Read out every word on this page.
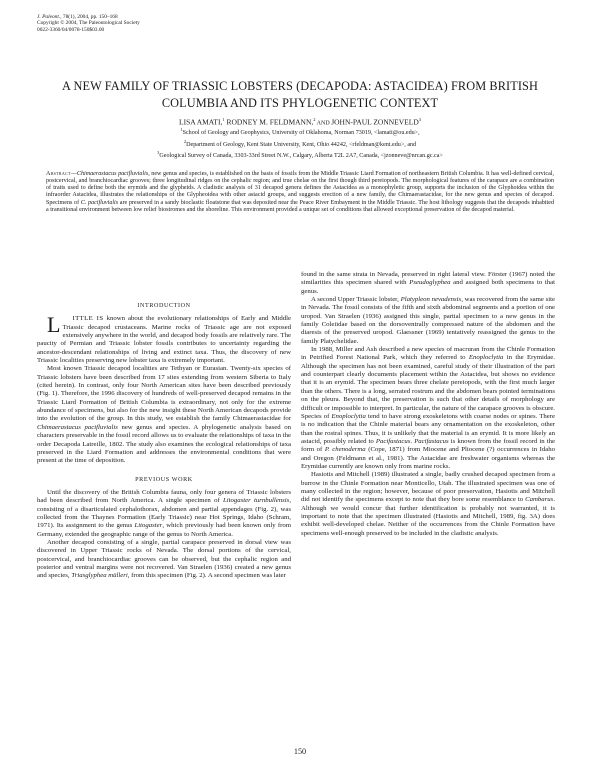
J. Paleont., 78(1), 2004, pp. 150–168
Copyright © 2004, The Paleontological Society
0022-3360/04/0078-150$03.00
A NEW FAMILY OF TRIASSIC LOBSTERS (DECAPODA: ASTACIDEA) FROM BRITISH COLUMBIA AND ITS PHYLOGENETIC CONTEXT
LISA AMATI,$^1$ RODNEY M. FELDMANN,$^2$ AND JOHN-PAUL ZONNEVELD$^3$
$^1$School of Geology and Geophysics, University of Oklahoma, Norman 73019, <lamati@ou.edu>,
$^2$Department of Geology, Kent State University, Kent, Ohio 44242, <rfeldman@kent.edu>, and
$^3$Geological Survey of Canada, 3303-33rd Street N.W., Calgary, Alberta T2L 2A7, Canada, <jzonneve@nrcan.gc.ca>
Abstract—Chimaerastacus pacifluvialis, new genus and species, is established on the basis of fossils from the Middle Triassic Liard Formation of northeastern British Columbia. It has well-defined cervical, postcervical, and branchiocardiac grooves; three longitudinal ridges on the cephalic region; and true chelae on the first though third pereiopods. The morphological features of the carapace are a combination of traits used to define both the erymids and the glypheids. A cladistic analysis of 31 decapod genera defines the Astacidea as a monophyletic group, supports the inclusion of the Glyphoidea within the infraorder Astacidea, illustrates the relationships of the Glypheoidea with other astacid groups, and suggests erection of a new family, the Chimaerastacidae, for the new genus and species of decapod. Specimens of C. pacifluvialis are preserved in a sandy bioclastic floatstone that was deposited near the Peace River Embayment in the Middle Triassic. The host lithology suggests that the decapods inhabited a transitional environment between low relief biostromes and the shoreline. This environment provided a unique set of conditions that allowed exceptional preservation of the decapod material.
INTRODUCTION

L ITTLE IS known about the evolutionary relationships of Early and Middle Triassic decapod crustaceans. Marine rocks of Triassic age are not exposed extensively anywhere in the world, and decapod body fossils are relatively rare. The paucity of Permian and Triassic lobster fossils contributes to uncertainty regarding the ancestor-descendant relationships of living and extinct taxa. Thus, the discovery of new Triassic localities preserving new lobster taxa is extremely important.

Most known Triassic decapod localities are Tethyan or Eurasian. Twenty-six species of Triassic lobsters have been described from 17 sites extending from western Siberia to Italy (cited herein). In contrast, only four North American sites have been described previously (Fig. 1). Therefore, the 1996 discovery of hundreds of well-preserved decapod remains in the Triassic Liard Formation of British Columbia is extraordinary, not only for the extreme abundance of specimens, but also for the new insight these North American decapods provide into the evolution of the group. In this study, we establish the family Chimaerastacidae for Chimaerastacus pacifluvialis new genus and species. A phylogenetic analysis based on characters preservable in the fossil record allows us to evaluate the relationships of taxa in the order Decapoda Latreille, 1802. The study also examines the ecological relationships of taxa preserved in the Liard Formation and addresses the environmental conditions that were present at the time of deposition.

PREVIOUS WORK

Until the discovery of the British Columbia fauna, only four genera of Triassic lobsters had been described from North America. A single specimen of Litogaster turnbullensis, consisting of a disarticulated cephalothorax, abdomen and partial appendages (Fig. 2), was collected from the Thaynes Formation (Early Triassic) near Hot Springs, Idaho (Schram, 1971). Its assignment to the genus Litogaster, which previously had been known only from Germany, extended the geographic range of the genus to North America.

Another decapod consisting of a single, partial carapace preserved in dorsal view was discovered in Upper Triassic rocks of Nevada. The dorsal portions of the cervical, postcervical, and branchiocardiac grooves can be observed, but the cephalic region and posterior and ventral margins were not recovered. Van Straelen (1936) created a new genus and species, Triasglyphea mülleri, from this specimen (Fig. 2). A second specimen was later

found in the same strata in Nevada, preserved in right lateral view. Förster (1967) noted the similarities this specimen shared with Pseudoglyphea and assigned both specimens to that genus.

A second Upper Triassic lobster, Platypleon nevadensis, was recovered from the same site in Nevada. The fossil consists of the fifth and sixth abdominal segments and a portion of one uropod. Van Straelen (1936) assigned this single, partial specimen to a new genus in the family Coleiidae based on the dorsoventrally compressed nature of the abdomen and the diaresis of the preserved uropod. Glaessner (1969) tentatively reassigned the genus to the family Platychelidae.

In 1988, Miller and Ash described a new species of macruran from the Chinle Formation in Petrified Forest National Park, which they referred to Enoploclytia in the Erymidae. Although the specimen has not been examined, careful study of their illustration of the part and counterpart clearly documents placement within the Astacidea, but shows no evidence that it is an erymid. The specimen bears three chelate pereiopods, with the first much larger than the others. There is a long, serrated rostrum and the abdomen bears pointed terminations on the pleura. Beyond that, the preservation is such that other details of morphology are difficult or impossible to interpret. In particular, the nature of the carapace grooves is obscure. Species of Enoploclytia tend to have strong exoskeletons with coarse nodes or spines. There is no indication that the Chinle material bears any ornamentation on the exoskeleton, other than the rostral spines. Thus, it is unlikely that the material is an erymid. It is more likely an astacid, possibly related to Pacifastacus. Pacifastacus is known from the fossil record in the form of P. chenoderma (Cope, 1871) from Miocene and Pliocene (?) occurrences in Idaho and Oregon (Feldmann et al., 1981). The Astacidae are freshwater organisms whereas the Erymidae currently are known only from marine rocks.

Hasiotis and Mitchell (1989) illustrated a single, badly crushed decapod specimen from a burrow in the Chinle Formation near Monticello, Utah. The illustrated specimen was one of many collected in the region; however, because of poor preservation, Hasiotis and Mitchell did not identify the specimens except to note that they bore some resemblance to Cambarus. Although we would concur that further identification is probably not warranted, it is important to note that the specimen illustrated (Hasiotis and Mitchell, 1989, fig. 3A) does exhibit well-developed chelae. Neither of the occurrences from the Chinle Formation have specimens well-enough preserved to be included in the cladistic analysis.

150
